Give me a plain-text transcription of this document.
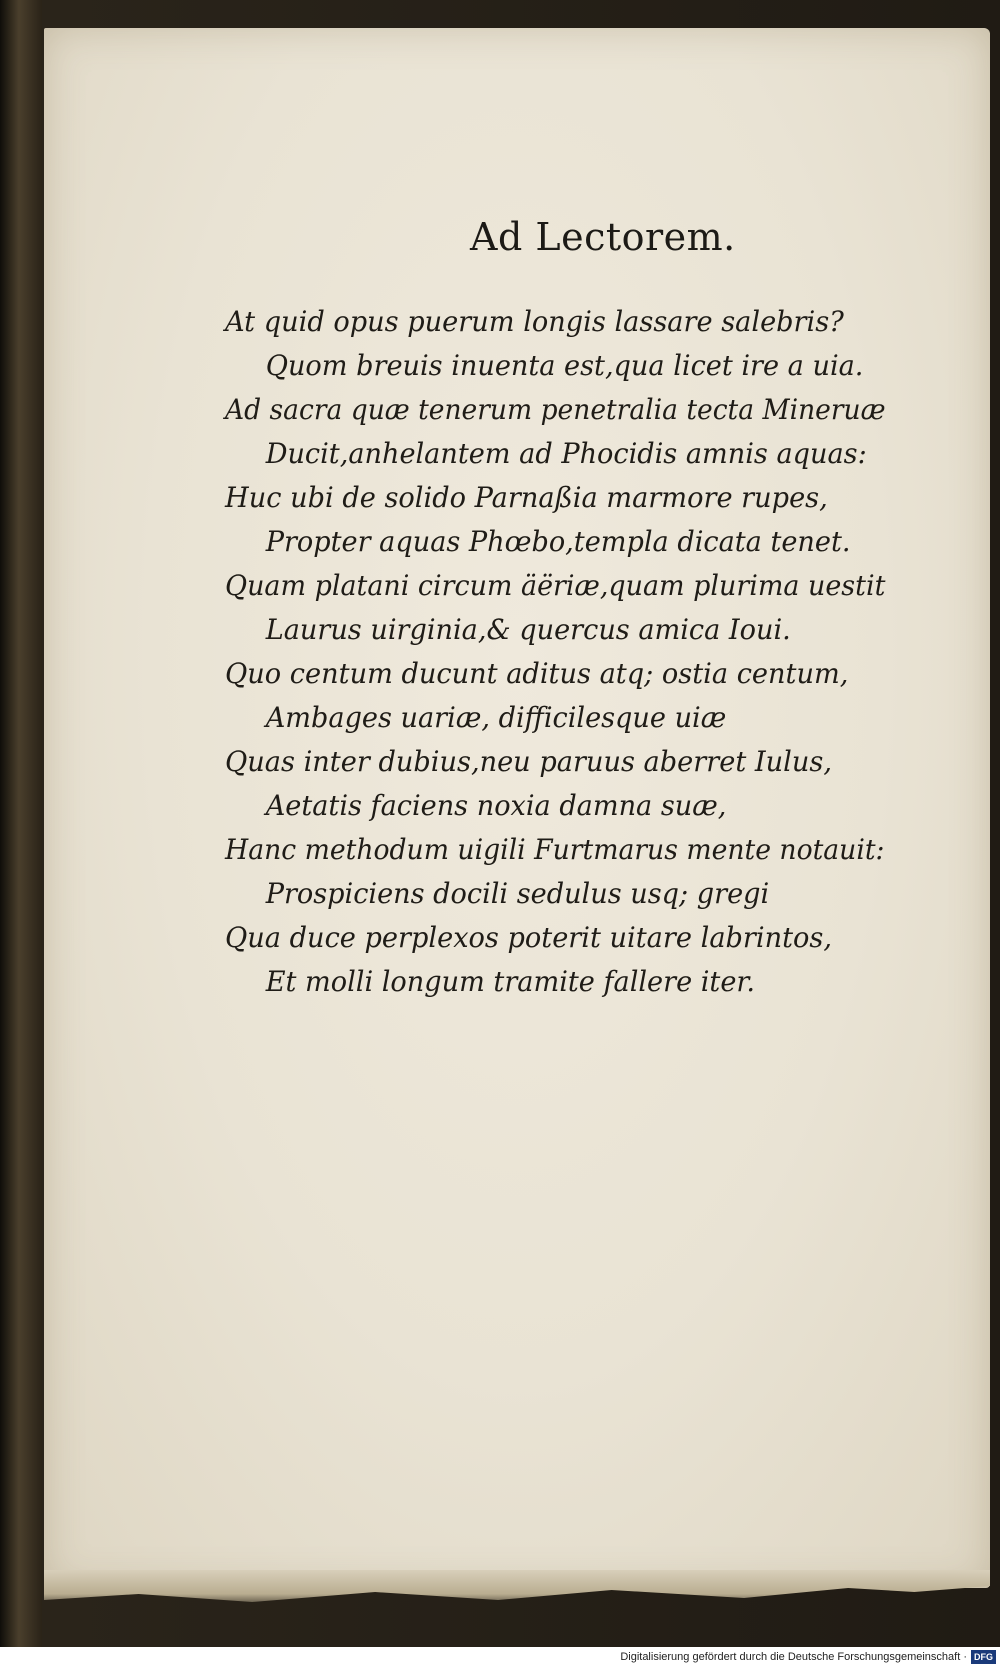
Ad Lectorem.
At quid opus puerum longis lassare salebris?
Quom breuis inuenta est,qua licet ire a uia.
Ad sacra quæ tenerum penetralia tecta Mineruæ
Ducit,anhelantem ad Phocidis amnis aquas:
Huc ubi de solido Parnaßia marmore rupes,
Propter aquas Phœbo,templa dicata tenet.
Quam platani circum äëriæ,quam plurima uestit
Laurus uirginia,& quercus amica Ioui.
Quo centum ducunt aditus atq; ostia centum,
Ambages uariæ, difficilesque uiæ
Quas inter dubius,neu paruus aberret Iulus,
Aetatis faciens noxia damna suæ,
Hanc methodum uigili Furtmarus mente notauit:
Prospiciens docili sedulus usq; gregi
Qua duce perplexos poterit uitare labrintos,
Et molli longum tramite fallere iter.
Digitalisierung gefördert durch die Deutsche Forschungsgemeinschaft · DFG
